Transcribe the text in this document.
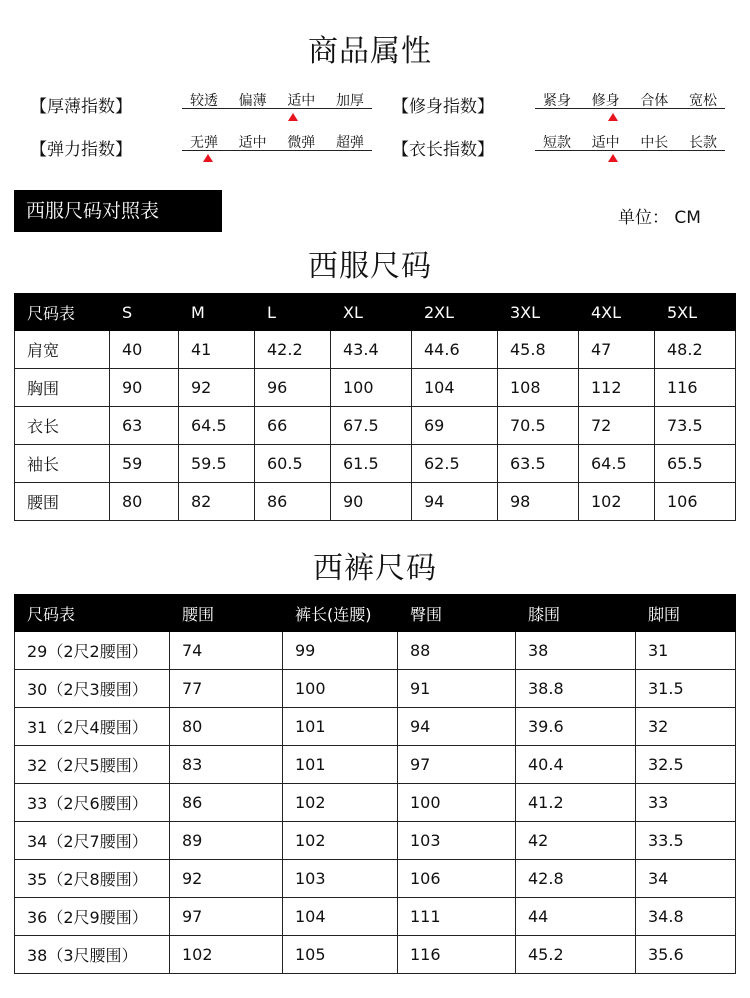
商品属性
【厚薄指数】	较透 偏薄 适中 加厚 【修身指数】	紧身 修身 合体 宽松
【弹力指数】	无弹 适中 微弹 超弹 【衣长指数】	短款 适中 中长 长款
西服尺码对照表	单位： CM
西服尺码
尺码表	S	M	L	XL	2XL	3XL	4XL	5XL
肩宽	40	41	42.2	43.4	44.6	45.8	47	48.2
胸围	90	92	96	100	104	108	112	116
衣长	63	64.5	66	67.5	69	70.5	72	73.5
袖长	59	59.5	60.5	61.5	62.5	63.5	64.5	65.5
腰围	80	82	86	90	94	98	102	106
西裤尺码
尺码表	腰围	裤长(连腰)	臀围	膝围	脚围
29（2尺2腰围）	74	99	88	38	31
30（2尺3腰围）	77	100	91	38.8	31.5
31（2尺4腰围）	80	101	94	39.6	32
32（2尺5腰围）	83	101	97	40.4	32.5
33（2尺6腰围）	86	102	100	41.2	33
34（2尺7腰围）	89	102	103	42	33.5
35（2尺8腰围）	92	103	106	42.8	34
36（2尺9腰围）	97	104	111	44	34.8
38（3尺腰围）	102	105	116	45.2	35.6
